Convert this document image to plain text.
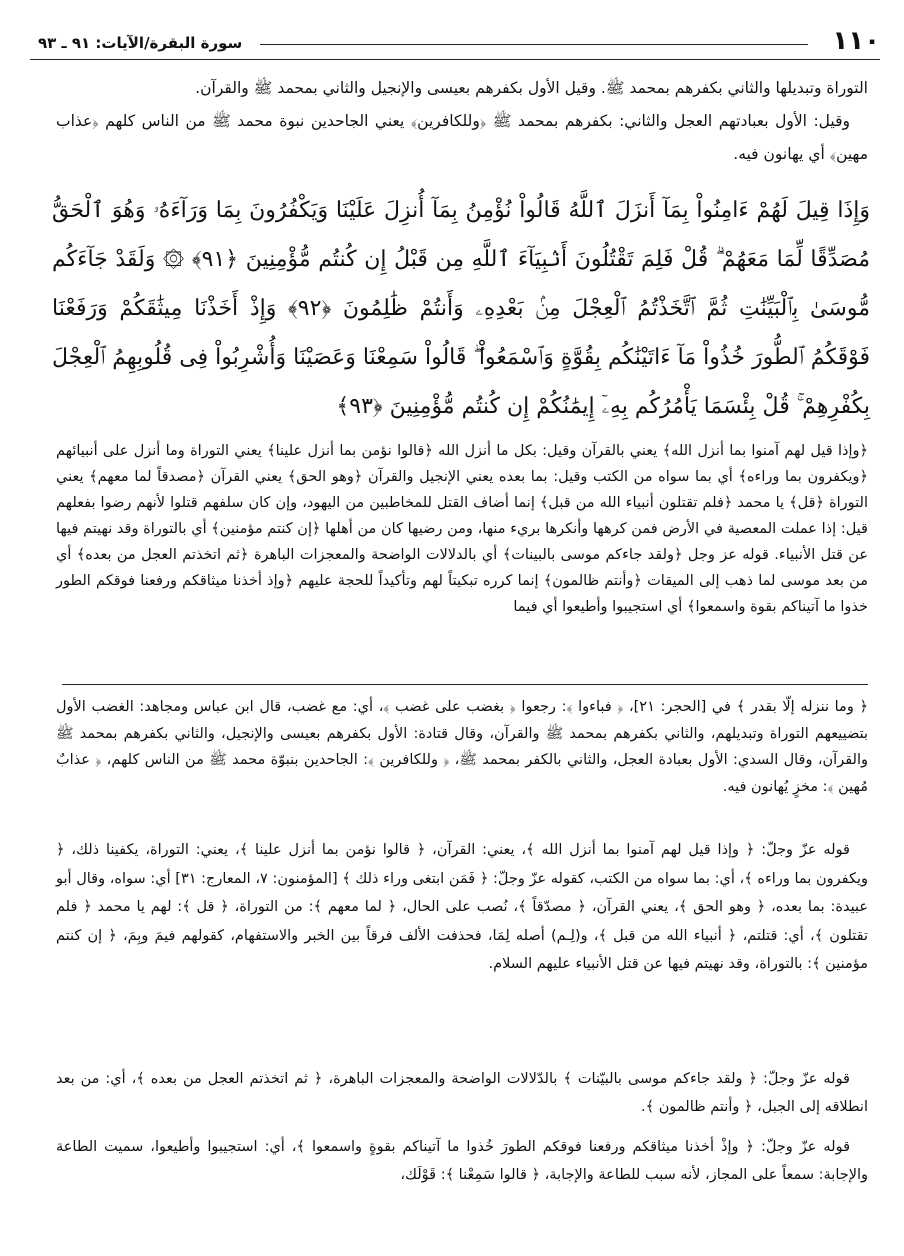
١١٠
سورة البقرة/الآيات: ٩١ ـ ٩٣
التوراة وتبديلها والثاني بكفرهم بمحمد ﷺ. وقيل الأول بكفرهم بعيسى والإنجيل والثاني بمحمد ﷺ والقرآن.
وقيل: الأول بعبادتهم العجل والثاني: بكفرهم بمحمد ﷺ ﴿وللكافرين﴾ يعني الجاحدين نبوة محمد ﷺ من الناس كلهم ﴿عذاب مهين﴾ أي يهانون فيه.

وَإِذَا قِيلَ لَهُمْ ءَامِنُواْ بِمَآ أَنزَلَ ٱللَّهُ قَالُواْ نُؤْمِنُ بِمَآ أُنزِلَ عَلَيْنَا وَيَكْفُرُونَ بِمَا وَرَآءَهُۥ وَهُوَ ٱلْحَقُّ مُصَدِّقًا لِّمَا مَعَهُمْ ۗ قُلْ فَلِمَ تَقْتُلُونَ أَنۢبِيَآءَ ٱللَّهِ مِن قَبْلُ إِن كُنتُم مُّؤْمِنِينَ ﴿٩١﴾ ۞ وَلَقَدْ جَآءَكُم مُّوسَىٰ بِٱلْبَيِّنَٰتِ ثُمَّ ٱتَّخَذْتُمُ ٱلْعِجْلَ مِنۢ بَعْدِهِۦ وَأَنتُمْ ظَٰلِمُونَ ﴿٩٢﴾ وَإِذْ أَخَذْنَا مِيثَٰقَكُمْ وَرَفَعْنَا فَوْقَكُمُ ٱلطُّورَ خُذُواْ مَآ ءَاتَيْنَٰكُم بِقُوَّةٍ وَٱسْمَعُواْ ۖ قَالُواْ سَمِعْنَا وَعَصَيْنَا وَأُشْرِبُواْ فِى قُلُوبِهِمُ ٱلْعِجْلَ بِكُفْرِهِمْ ۚ قُلْ بِئْسَمَا يَأْمُرُكُم بِهِۦٓ إِيمَٰنُكُمْ إِن كُنتُم مُّؤْمِنِينَ ﴿٩٣﴾

﴿وإذا قيل لهم آمنوا بما أنزل الله﴾ يعني بالقرآن وقيل: بكل ما أنزل الله ﴿قالوا نؤمن بما أنزل علينا﴾ يعني التوراة وما أنزل على أنبيائهم ﴿ويكفرون بما وراءه﴾ أي بما سواه من الكتب وقيل: بما بعده يعني الإنجيل والقرآن ﴿وهو الحق﴾ يعني القرآن ﴿مصدقاً لما معهم﴾ يعني التوراة ﴿قل﴾ يا محمد ﴿فلم تقتلون أنبياء الله من قبل﴾ إنما أضاف القتل للمخاطبين من اليهود، وإن كان سلفهم قتلوا لأنهم رضوا بفعلهم قيل: إذا عملت المعصية في الأرض فمن كرهها وأنكرها بريء منها، ومن رضيها كان من أهلها ﴿إن كنتم مؤمنين﴾ أي بالتوراة وقد نهيتم فيها عن قتل الأنبياء. قوله عز وجل ﴿ولقد جاءكم موسى بالبينات﴾ أي بالدلالات الواضحة والمعجزات الباهرة ﴿ثم اتخذتم العجل من بعده﴾ أي من بعد موسى لما ذهب إلى الميقات ﴿وأنتم ظالمون﴾ إنما كرره تبكيتاً لهم وتأكيداً للحجة عليهم ﴿وإذ أخذنا ميثاقكم ورفعنا فوقكم الطور خذوا ما آتيناكم بقوة واسمعوا﴾ أي استجيبوا وأطيعوا أي فيما

﴿ وما ننزله إلّا بقدر ﴾ في [الحجر: ٢١]، ﴿ فباءوا ﴾: رجعوا ﴿ بغضب على غضب ﴾، أي: مع غضب، قال ابن عباس ومجاهد: الغضب الأول بتضييعهم التوراة وتبديلهم، والثاني بكفرهم بمحمد ﷺ والقرآن، وقال قتادة: الأول بكفرهم بعيسى والإنجيل، والثاني بكفرهم بمحمد ﷺ والقرآن، وقال السدي: الأول بعبادة العجل، والثاني بالكفر بمحمد ﷺ، ﴿ وللكافرين ﴾: الجاحدين بنبوّة محمد ﷺ من الناس كلهم، ﴿ عذابٌ مُهين ﴾: مخزٍ يُهانون فيه.

قوله عزّ وجلّ: ﴿ وإذا قيل لهم آمنوا بما أنزل الله ﴾، يعني: القرآن، ﴿ قالوا نؤمن بما أنزل علينا ﴾، يعني: التوراة، يكفينا ذلك، ﴿ ويكفرون بما وراءه ﴾، أي: بما سواه من الكتب، كقوله عزّ وجلّ: ﴿ فَمَن ابتغى وراء ذلك ﴾ [المؤمنون: ٧، المعارج: ٣١] أي: سواه، وقال أبو عبيدة: بما بعده، ﴿ وهو الحق ﴾، يعني القرآن، ﴿ مصدّقاً ﴾، نُصب على الحال، ﴿ لما معهم ﴾: من التوراة، ﴿ قل ﴾: لهم يا محمد ﴿ فلم تقتلون ﴾، أي: قتلتم، ﴿ أنبياء الله من قبل ﴾، و(لِـم) أصله لِمَا، فحذفت الألف فرقاً بين الخبر والاستفهام، كقولهم فيمَ وبِمَ، ﴿ إن كنتم مؤمنين ﴾: بالتوراة، وقد نهيتم فيها عن قتل الأنبياء عليهم السلام.

قوله عزّ وجلّ: ﴿ ولقد جاءكم موسى بالبيّنات ﴾ بالدّلالات الواضحة والمعجزات الباهرة، ﴿ ثم اتخذتم العجل من بعده ﴾، أي: من بعد انطلاقه إلى الجبل، ﴿ وأنتم ظالمون ﴾.

قوله عزّ وجلّ: ﴿ وإذْ أخذنا ميثاقكم ورفعنا فوقكم الطورَ خُذوا ما آتيناكم بقوةٍ واسمعوا ﴾، أي: استجيبوا وأطيعوا، سميت الطاعة والإجابة: سمعاً على المجاز، لأنه سبب للطاعة والإجابة، ﴿ قالوا سَمِعْنا ﴾: قَوْلَك،
